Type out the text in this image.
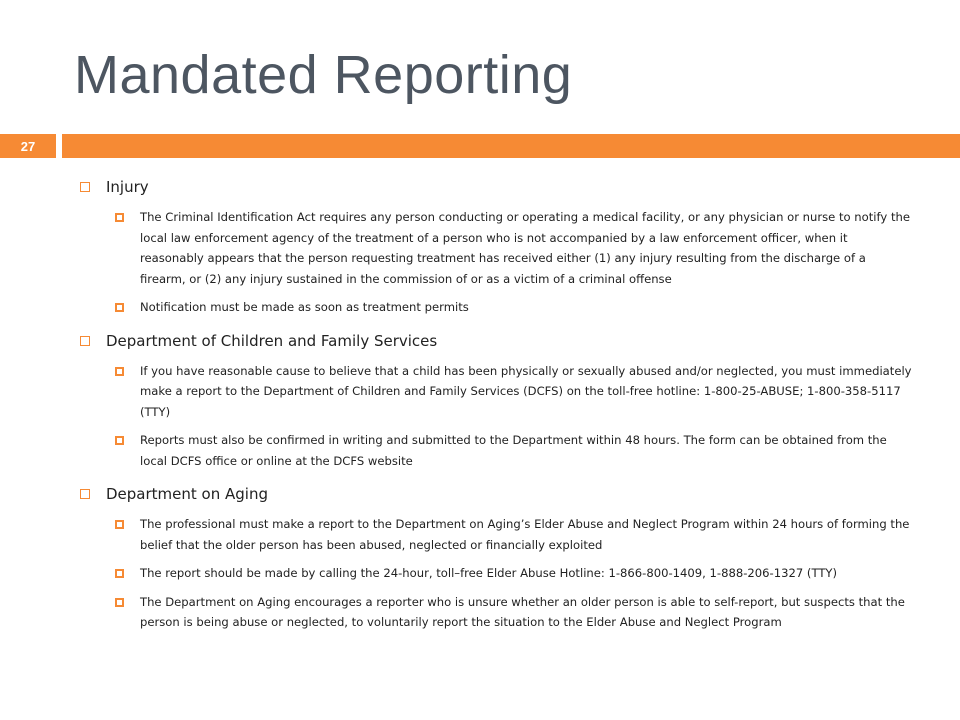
Mandated Reporting
27
Injury
The Criminal Identification Act requires any person conducting or operating a medical facility, or any physician or nurse to notify the local law enforcement agency of the treatment of a person who is not accompanied by a law enforcement officer, when it reasonably appears that the person requesting treatment has received either (1) any injury resulting from the discharge of a firearm, or (2) any injury sustained in the commission of or as a victim of a criminal offense
Notification must be made as soon as treatment permits
Department of Children and Family Services
If you have reasonable cause to believe that a child has been physically or sexually abused and/or neglected, you must immediately make a report to the Department of Children and Family Services (DCFS) on the toll-free hotline: 1-800-25-ABUSE; 1-800-358-5117 (TTY)
Reports must also be confirmed in writing and submitted to the Department within 48 hours. The form can be obtained from the local DCFS office or online at the DCFS website
Department on Aging
The professional must make a report to the Department on Aging’s Elder Abuse and Neglect Program within 24 hours of forming the belief that the older person has been abused, neglected or financially exploited
The report should be made by calling the 24-hour, toll–free Elder Abuse Hotline: 1-866-800-1409, 1-888-206-1327 (TTY)
The Department on Aging encourages a reporter who is unsure whether an older person is able to self-report, but suspects that the person is being abuse or neglected, to voluntarily report the situation to the Elder Abuse and Neglect Program
